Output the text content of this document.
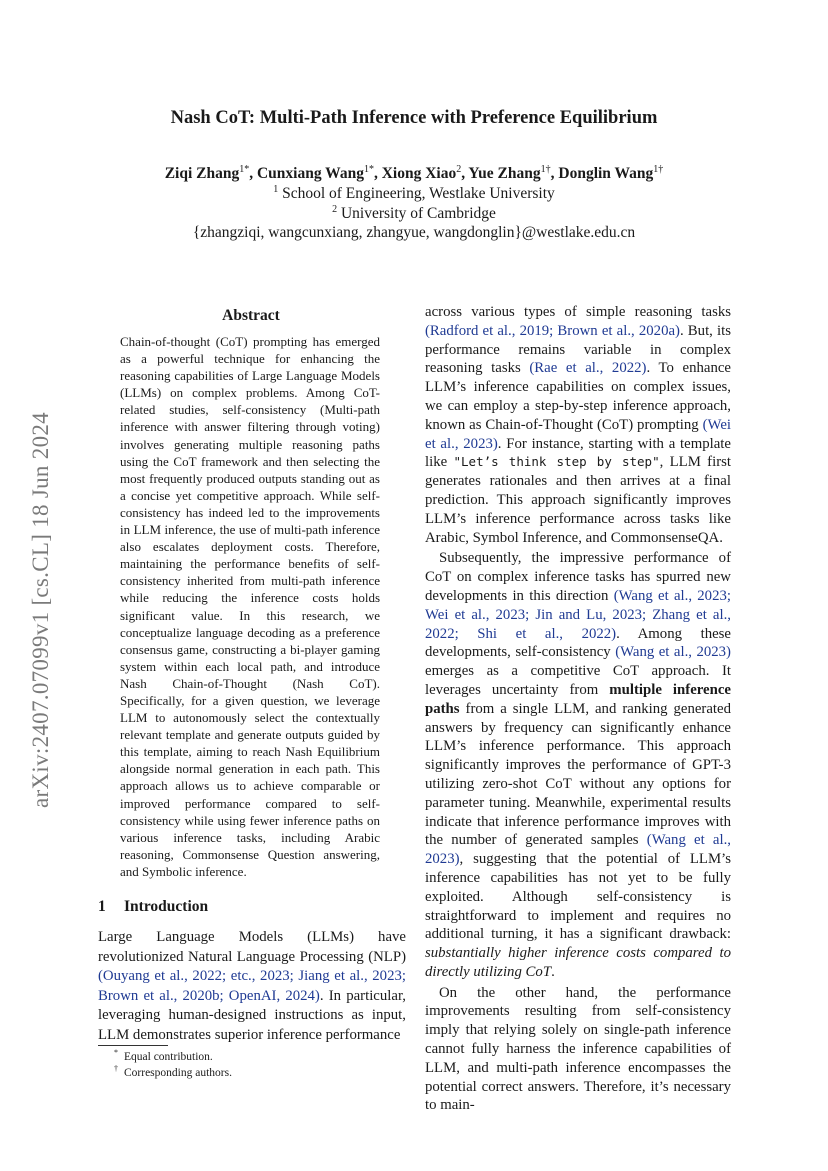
Nash CoT: Multi-Path Inference with Preference Equilibrium
Ziqi Zhang$^{1*}$, Cunxiang Wang$^{1*}$, Xiong Xiao$^2$, Yue Zhang$^{1\dagger}$, Donglin Wang$^{1\dagger}$
$^1$ School of Engineering, Westlake University
$^2$ University of Cambridge
{zhangziqi, wangcunxiang, zhangyue, wangdonglin}@westlake.edu.cn
arXiv:2407.07099v1 [cs.CL] 18 Jun 2024
Abstract
Chain-of-thought (CoT) prompting has emerged as a powerful technique for enhancing the reasoning capabilities of Large Language Models (LLMs) on complex problems. Among CoT-related studies, self-consistency (Multi-path inference with answer filtering through voting) involves generating multiple reasoning paths using the CoT framework and then selecting the most frequently produced outputs standing out as a concise yet competitive approach. While self-consistency has indeed led to the improvements in LLM inference, the use of multi-path inference also escalates deployment costs. Therefore, maintaining the performance benefits of self-consistency inherited from multi-path inference while reducing the inference costs holds significant value. In this research, we conceptualize language decoding as a preference consensus game, constructing a bi-player gaming system within each local path, and introduce Nash Chain-of-Thought (Nash CoT). Specifically, for a given question, we leverage LLM to autonomously select the contextually relevant template and generate outputs guided by this template, aiming to reach Nash Equilibrium alongside normal generation in each path. This approach allows us to achieve comparable or improved performance compared to self-consistency while using fewer inference paths on various inference tasks, including Arabic reasoning, Commonsense Question answering, and Symbolic inference.
1 Introduction
Large Language Models (LLMs) have revolutionized Natural Language Processing (NLP) (Ouyang et al., 2022; etc., 2023; Jiang et al., 2023; Brown et al., 2020b; OpenAI, 2024). In particular, leveraging human-designed instructions as input, LLM demonstrates superior inference performance

across various types of simple reasoning tasks (Radford et al., 2019; Brown et al., 2020a). But, its performance remains variable in complex reasoning tasks (Rae et al., 2022). To enhance LLM’s inference capabilities on complex issues, we can employ a step-by-step inference approach, known as Chain-of-Thought (CoT) prompting (Wei et al., 2023). For instance, starting with a template like "Let’s think step by step", LLM first generates rationales and then arrives at a final prediction. This approach significantly improves LLM’s inference performance across tasks like Arabic, Symbol Inference, and CommonsenseQA.

Subsequently, the impressive performance of CoT on complex inference tasks has spurred new developments in this direction (Wang et al., 2023; Wei et al., 2023; Jin and Lu, 2023; Zhang et al., 2022; Shi et al., 2022). Among these developments, self-consistency (Wang et al., 2023) emerges as a competitive CoT approach. It leverages uncertainty from multiple inference paths from a single LLM, and ranking generated answers by frequency can significantly enhance LLM’s inference performance. This approach significantly improves the performance of GPT-3 utilizing zero-shot CoT without any options for parameter tuning. Meanwhile, experimental results indicate that inference performance improves with the number of generated samples (Wang et al., 2023), suggesting that the potential of LLM’s inference capabilities has not yet to be fully exploited. Although self-consistency is straightforward to implement and requires no additional turning, it has a significant drawback: substantially higher inference costs compared to directly utilizing CoT.

On the other hand, the performance improvements resulting from self-consistency imply that relying solely on single-path inference cannot fully harness the inference capabilities of LLM, and multi-path inference encompasses the potential correct answers. Therefore, it’s necessary to main-

* Equal contribution.
† Corresponding authors.
